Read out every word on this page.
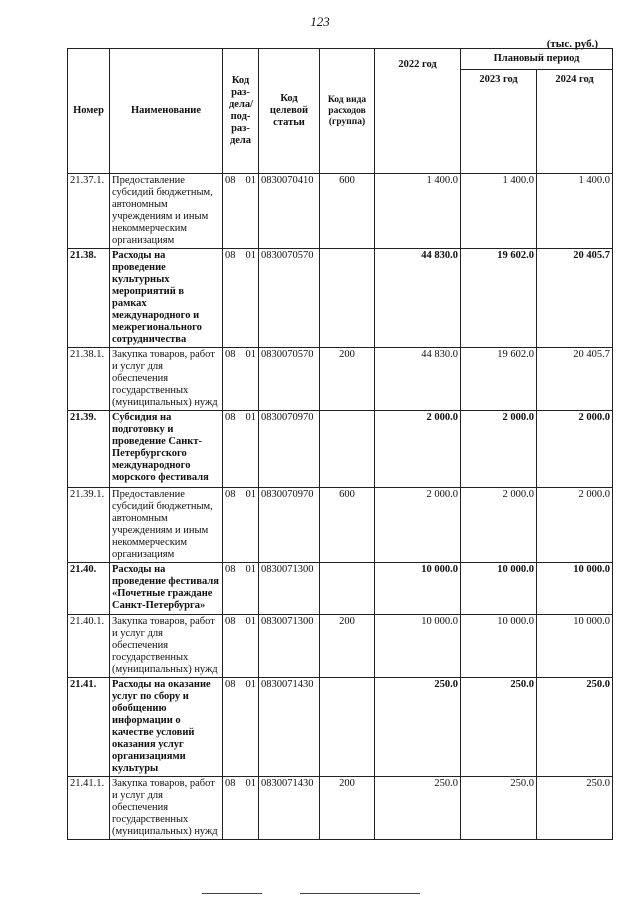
123
(тыс. руб.)
Номер	Наименование	Код раз-дела/ под-раз-дела		Код целевой статьи	Код вида расходов (группа)	2022 год	Плановый период	
							2023 год	2024 год
21.37.1.	Предоставление субсидий бюджетным, автономным учреждениям и иным некоммерческим организациям	08	01	0830070410	600	1 400.0	1 400.0	1 400.0
21.38.	Расходы на проведение культурных мероприятий в рамках международного и межрегионального сотрудничества	08	01	0830070570		44 830.0	19 602.0	20 405.7
21.38.1.	Закупка товаров, работ и услуг для обеспечения государственных (муниципальных) нужд	08	01	0830070570	200	44 830.0	19 602.0	20 405.7
21.39.	Субсидия на подготовку и проведение Санкт-Петербургского международного морского фестиваля	08	01	0830070970		2 000.0	2 000.0	2 000.0
21.39.1.	Предоставление субсидий бюджетным, автономным учреждениям и иным некоммерческим организациям	08	01	0830070970	600	2 000.0	2 000.0	2 000.0
21.40.	Расходы на проведение фестиваля «Почетные граждане Санкт-Петербурга»	08	01	0830071300		10 000.0	10 000.0	10 000.0
21.40.1.	Закупка товаров, работ и услуг для обеспечения государственных (муниципальных) нужд	08	01	0830071300	200	10 000.0	10 000.0	10 000.0
21.41.	Расходы на оказание услуг по сбору и обобщению информации о качестве условий оказания услуг организациями культуры	08	01	0830071430		250.0	250.0	250.0
21.41.1.	Закупка товаров, работ и услуг для обеспечения государственных (муниципальных) нужд	08	01	0830071430	200	250.0	250.0	250.0
